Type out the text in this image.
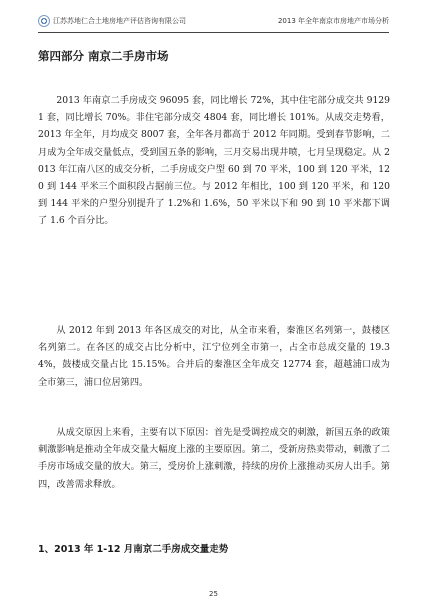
江苏苏地仁合土地房地产评估咨询有限公司	2013 年全年南京市房地产市场分析
第四部分 南京二手房市场

2013 年南京二手房成交 96095 套，同比增长 72%，其中住宅部分成交共 91291 套，同比增长 70%。非住宅部分成交 4804 套，同比增长 101%。从成交走势看，2013 年全年，月均成交 8007 套，全年各月都高于 2012 年同期。受到春节影响，二月成为全年成交量低点，受到国五条的影响，三月交易出现井喷，七月呈现稳定。从 2013 年江南八区的成交分析，二手房成交户型 60 到 70 平米，100 到 120 平米，120 到 144 平米三个面积段占据前三位。与 2012 年相比，100 到 120 平米，和 120 到 144 平米的户型分别提升了 1.2%和 1.6%，50 平米以下和 90 到 10 平米都下调了 1.6 个百分比。

从 2012 年到 2013 年各区成交的对比，从全市来看，秦淮区名列第一，鼓楼区名列第二。在各区的成交占比分析中，江宁位列全市第一，占全市总成交量的 19.34%，鼓楼成交量占比 15.15%。合并后的秦淮区全年成交 12774 套，超越浦口成为全市第三，浦口位居第四。

从成交原因上来看，主要有以下原因：首先是受调控成交的刺激，新国五条的政策刺激影响是推动全年成交量大幅度上涨的主要原因。第二，受新房热卖带动，刺激了二手房市场成交量的放大。第三，受房价上涨刺激，持续的房价上涨推动买房人出手。第四，改善需求释放。

1、2013 年 1-12 月南京二手房成交量走势
25
